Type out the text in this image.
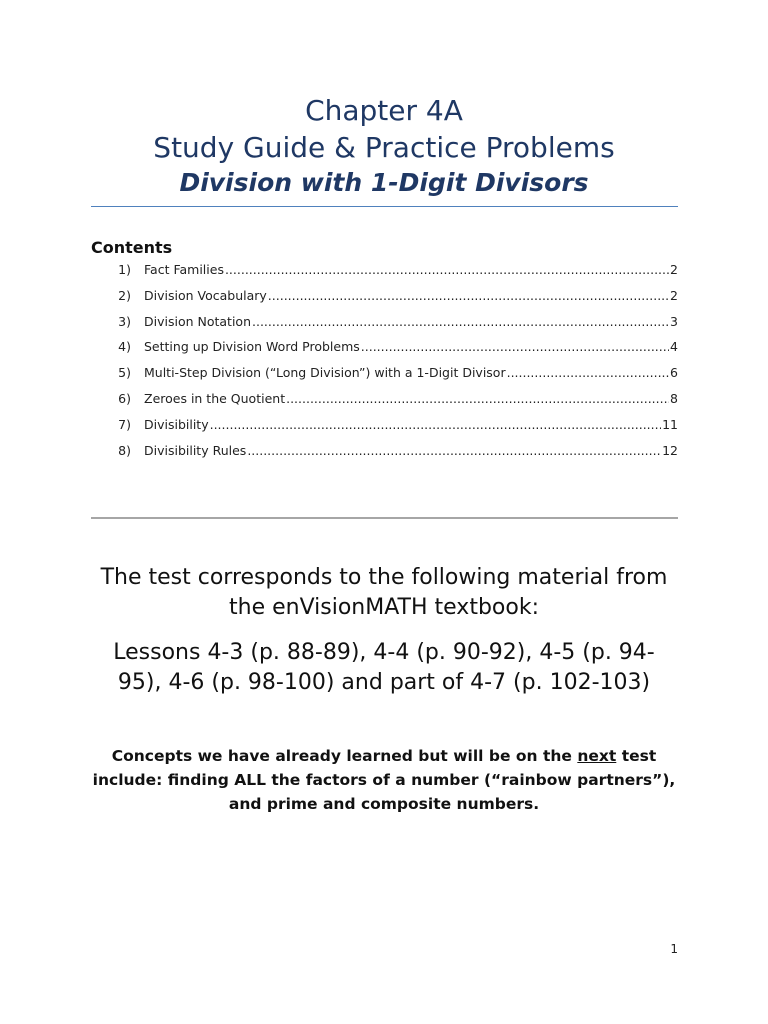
Chapter 4A

Study Guide & Practice Problems

Division with 1-Digit Divisors

Contents

1) Fact Families .....	2
2) Division Vocabulary .....	2
3) Division Notation .....	3
4) Setting up Division Word Problems .....	4
5) Multi-Step Division (“Long Division”) with a 1-Digit Divisor .....	6
6) Zeroes in the Quotient .....	8
7) Divisibility .....	11
8) Divisibility Rules .....	12

The test corresponds to the following material from

the enVisionMATH textbook:

Lessons 4-3 (p. 88-89), 4-4 (p. 90-92), 4-5 (p. 94-

95), 4-6 (p. 98-100) and part of 4-7 (p. 102-103)

Concepts we have already learned but will be on the next test
include: finding ALL the factors of a number (“rainbow partners”),
and prime and composite numbers.
1
